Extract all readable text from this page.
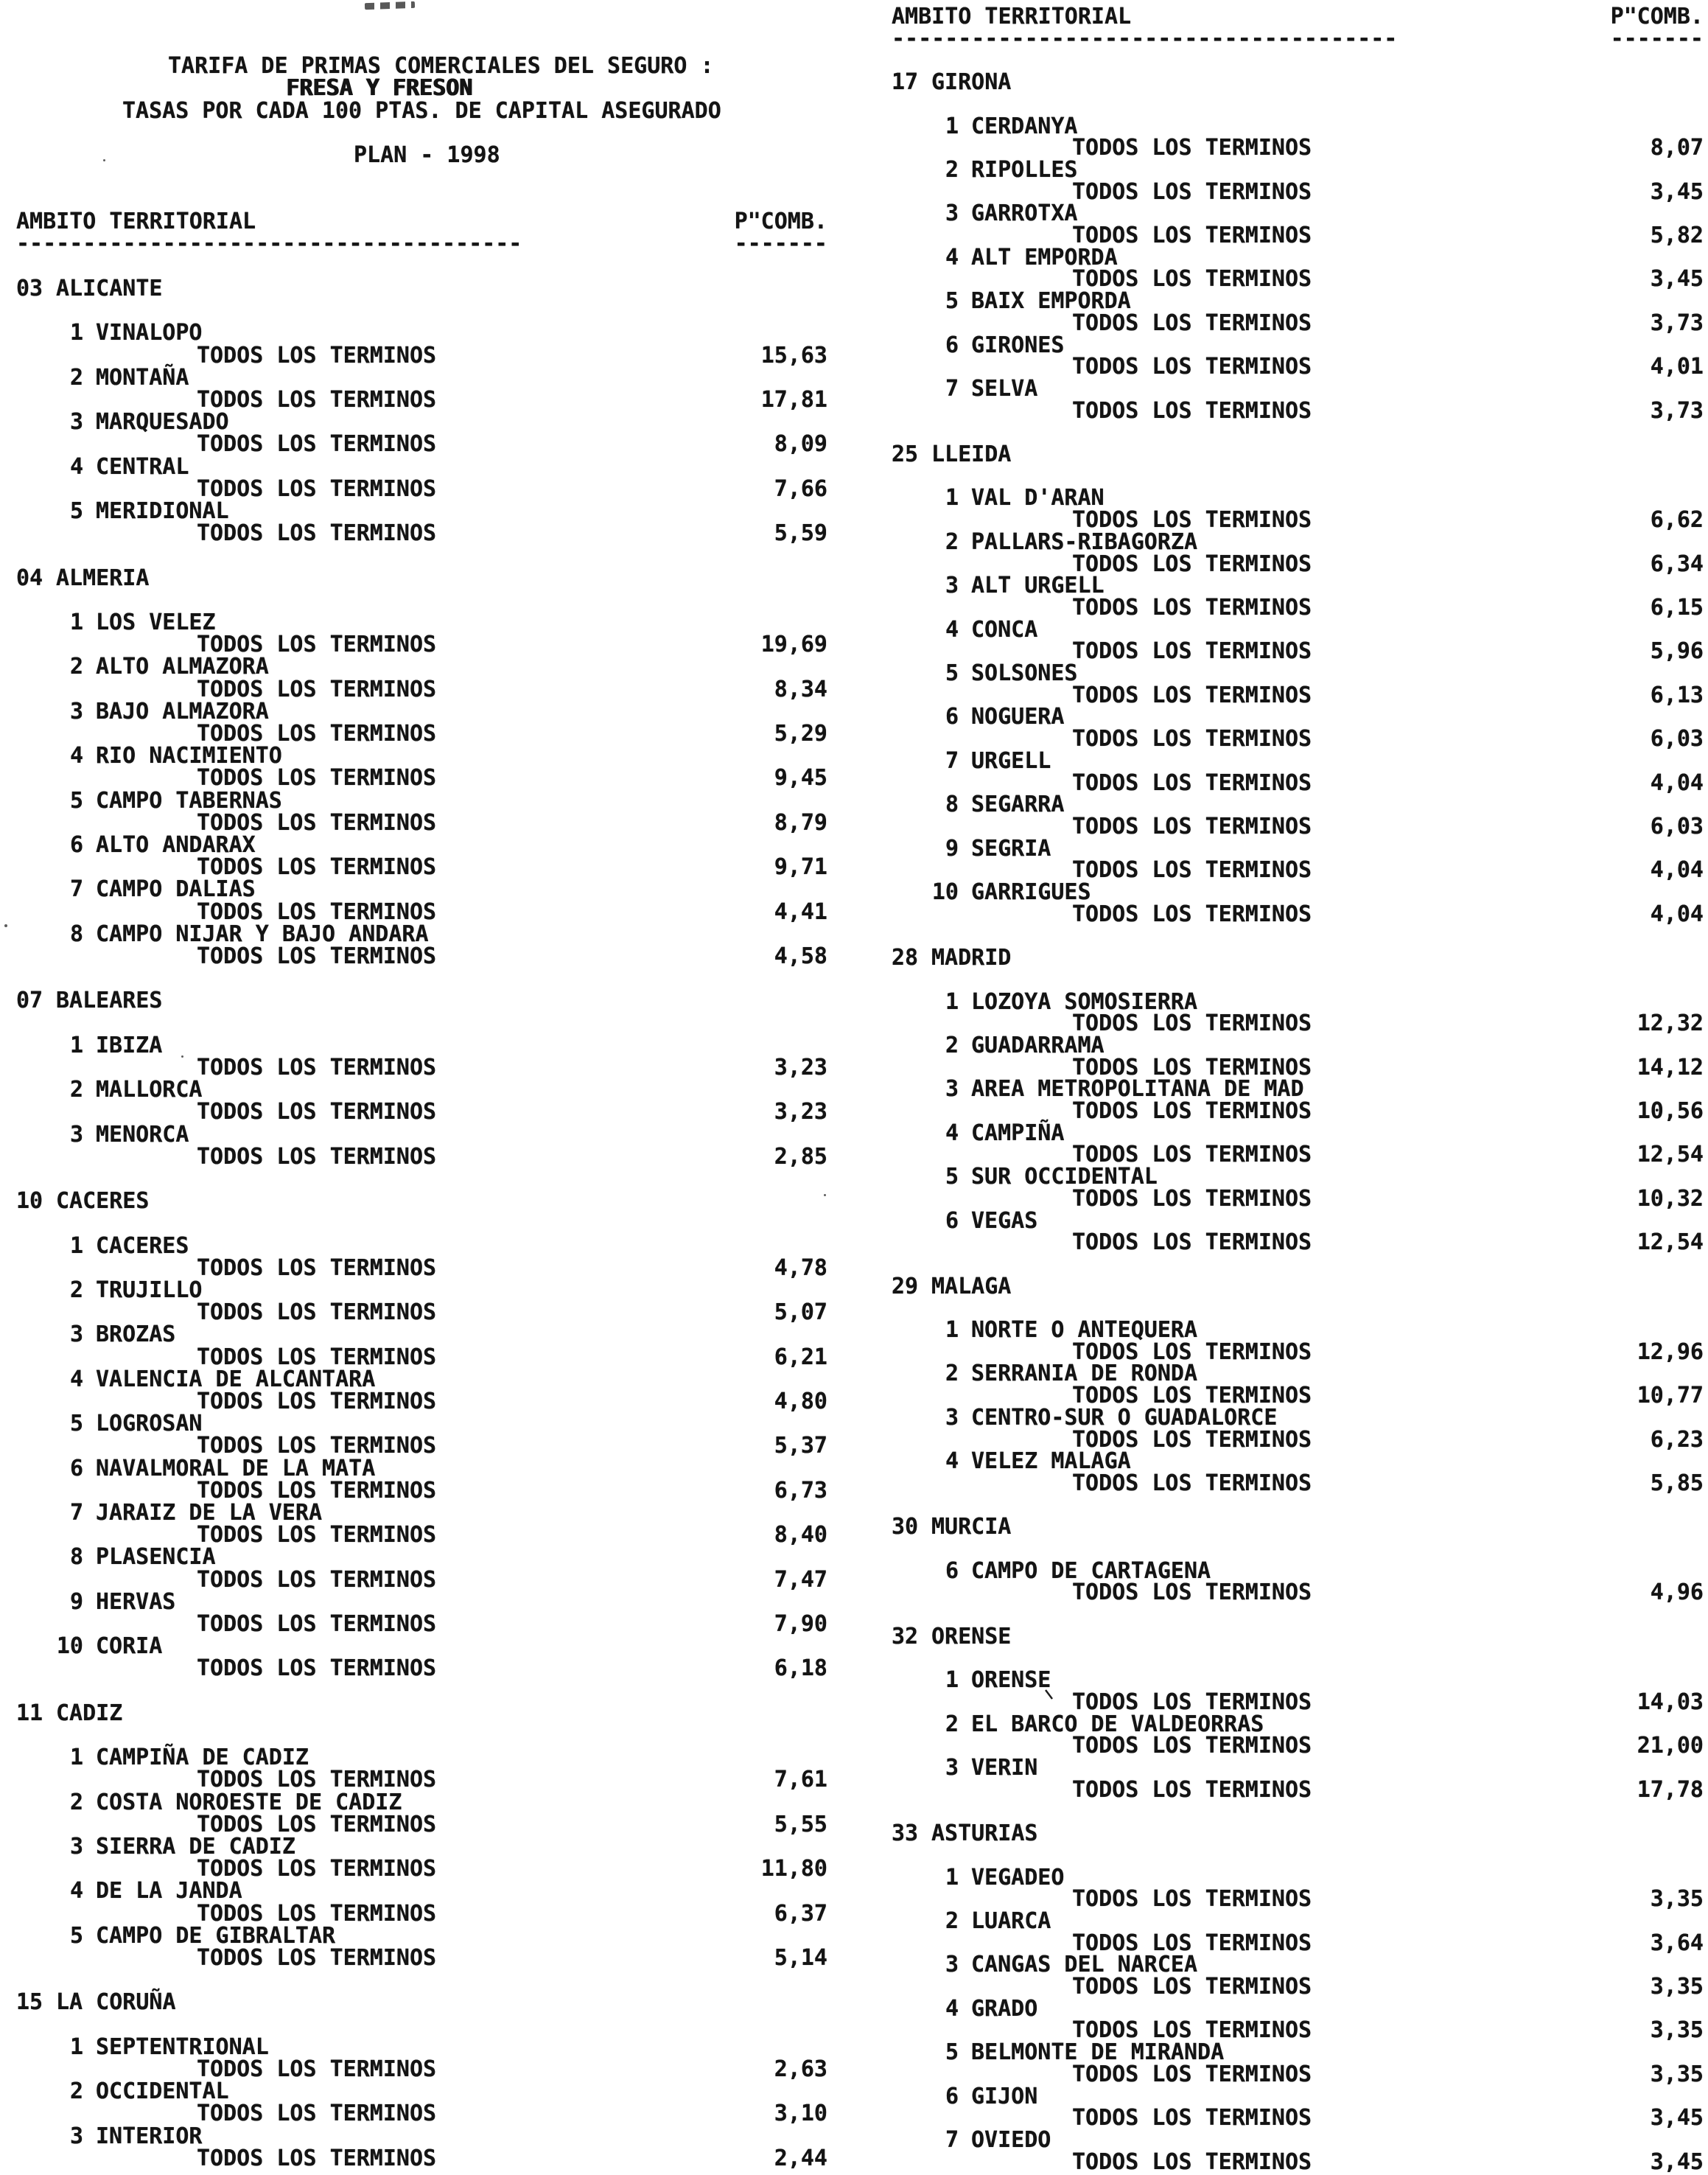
TARIFA DE PRIMAS COMERCIALES DEL SEGURO :

FRESA Y FRESON

TASAS POR CADA 100 PTAS. DE CAPITAL ASEGURADO

PLAN - 1998

AMBITO TERRITORIAL

	P"COMB.

--------------------------------------

	-------

03 ALICANTE
1 VINALOPO
TODOS LOS TERMINOS	15,63
2 MONTAÑA
TODOS LOS TERMINOS	17,81
3 MARQUESADO
TODOS LOS TERMINOS	8,09
4 CENTRAL
TODOS LOS TERMINOS	7,66
5 MERIDIONAL
TODOS LOS TERMINOS	5,59
04 ALMERIA
1 LOS VELEZ
TODOS LOS TERMINOS	19,69
2 ALTO ALMAZORA
TODOS LOS TERMINOS	8,34
3 BAJO ALMAZORA
TODOS LOS TERMINOS	5,29
4 RIO NACIMIENTO
TODOS LOS TERMINOS	9,45
5 CAMPO TABERNAS
TODOS LOS TERMINOS	8,79
6 ALTO ANDARAX
TODOS LOS TERMINOS	9,71
7 CAMPO DALIAS
TODOS LOS TERMINOS	4,41
8 CAMPO NIJAR Y BAJO ANDARA
TODOS LOS TERMINOS	4,58
07 BALEARES
1 IBIZA
TODOS LOS TERMINOS	3,23
2 MALLORCA
TODOS LOS TERMINOS	3,23
3 MENORCA
TODOS LOS TERMINOS	2,85
10 CACERES
1 CACERES
TODOS LOS TERMINOS	4,78
2 TRUJILLO
TODOS LOS TERMINOS	5,07
3 BROZAS
TODOS LOS TERMINOS	6,21
4 VALENCIA DE ALCANTARA
TODOS LOS TERMINOS	4,80
5 LOGROSAN
TODOS LOS TERMINOS	5,37
6 NAVALMORAL DE LA MATA
TODOS LOS TERMINOS	6,73
7 JARAIZ DE LA VERA
TODOS LOS TERMINOS	8,40
8 PLASENCIA
TODOS LOS TERMINOS	7,47
9 HERVAS
TODOS LOS TERMINOS	7,90
10 CORIA
TODOS LOS TERMINOS	6,18
11 CADIZ
1 CAMPIÑA DE CADIZ
TODOS LOS TERMINOS	7,61
2 COSTA NOROESTE DE CADIZ
TODOS LOS TERMINOS	5,55
3 SIERRA DE CADIZ
TODOS LOS TERMINOS	11,80
4 DE LA JANDA
TODOS LOS TERMINOS	6,37
5 CAMPO DE GIBRALTAR
TODOS LOS TERMINOS	5,14
15 LA CORUÑA
1 SEPTENTRIONAL
TODOS LOS TERMINOS	2,63
2 OCCIDENTAL
TODOS LOS TERMINOS	3,10
3 INTERIOR
TODOS LOS TERMINOS	2,44

AMBITO TERRITORIAL

	P"COMB.

--------------------------------------

	-------

17 GIRONA
1 CERDANYA
TODOS LOS TERMINOS	8,07
2 RIPOLLES
TODOS LOS TERMINOS	3,45
3 GARROTXA
TODOS LOS TERMINOS	5,82
4 ALT EMPORDA
TODOS LOS TERMINOS	3,45
5 BAIX EMPORDA
TODOS LOS TERMINOS	3,73
6 GIRONES
TODOS LOS TERMINOS	4,01
7 SELVA
TODOS LOS TERMINOS	3,73
25 LLEIDA
1 VAL D'ARAN
TODOS LOS TERMINOS	6,62
2 PALLARS-RIBAGORZA
TODOS LOS TERMINOS	6,34
3 ALT URGELL
TODOS LOS TERMINOS	6,15
4 CONCA
TODOS LOS TERMINOS	5,96
5 SOLSONES
TODOS LOS TERMINOS	6,13
6 NOGUERA
TODOS LOS TERMINOS	6,03
7 URGELL
TODOS LOS TERMINOS	4,04
8 SEGARRA
TODOS LOS TERMINOS	6,03
9 SEGRIA
TODOS LOS TERMINOS	4,04
10 GARRIGUES
TODOS LOS TERMINOS	4,04
28 MADRID
1 LOZOYA SOMOSIERRA
TODOS LOS TERMINOS	12,32
2 GUADARRAMA
TODOS LOS TERMINOS	14,12
3 AREA METROPOLITANA DE MAD
TODOS LOS TERMINOS	10,56
4 CAMPIÑA
TODOS LOS TERMINOS	12,54
5 SUR OCCIDENTAL
TODOS LOS TERMINOS	10,32
6 VEGAS
TODOS LOS TERMINOS	12,54
29 MALAGA
1 NORTE O ANTEQUERA
TODOS LOS TERMINOS	12,96
2 SERRANIA DE RONDA
TODOS LOS TERMINOS	10,77
3 CENTRO-SUR O GUADALORCE
TODOS LOS TERMINOS	6,23
4 VELEZ MALAGA
TODOS LOS TERMINOS	5,85
30 MURCIA
6 CAMPO DE CARTAGENA
TODOS LOS TERMINOS	4,96
32 ORENSE
1 ORENSE
TODOS LOS TERMINOS	14,03
2 EL BARCO DE VALDEORRAS
TODOS LOS TERMINOS	21,00
3 VERIN
TODOS LOS TERMINOS	17,78
33 ASTURIAS
1 VEGADEO
TODOS LOS TERMINOS	3,35
2 LUARCA
TODOS LOS TERMINOS	3,64
3 CANGAS DEL NARCEA
TODOS LOS TERMINOS	3,35
4 GRADO
TODOS LOS TERMINOS	3,35
5 BELMONTE DE MIRANDA
TODOS LOS TERMINOS	3,35
6 GIJON
TODOS LOS TERMINOS	3,45
7 OVIEDO
TODOS LOS TERMINOS	3,45
